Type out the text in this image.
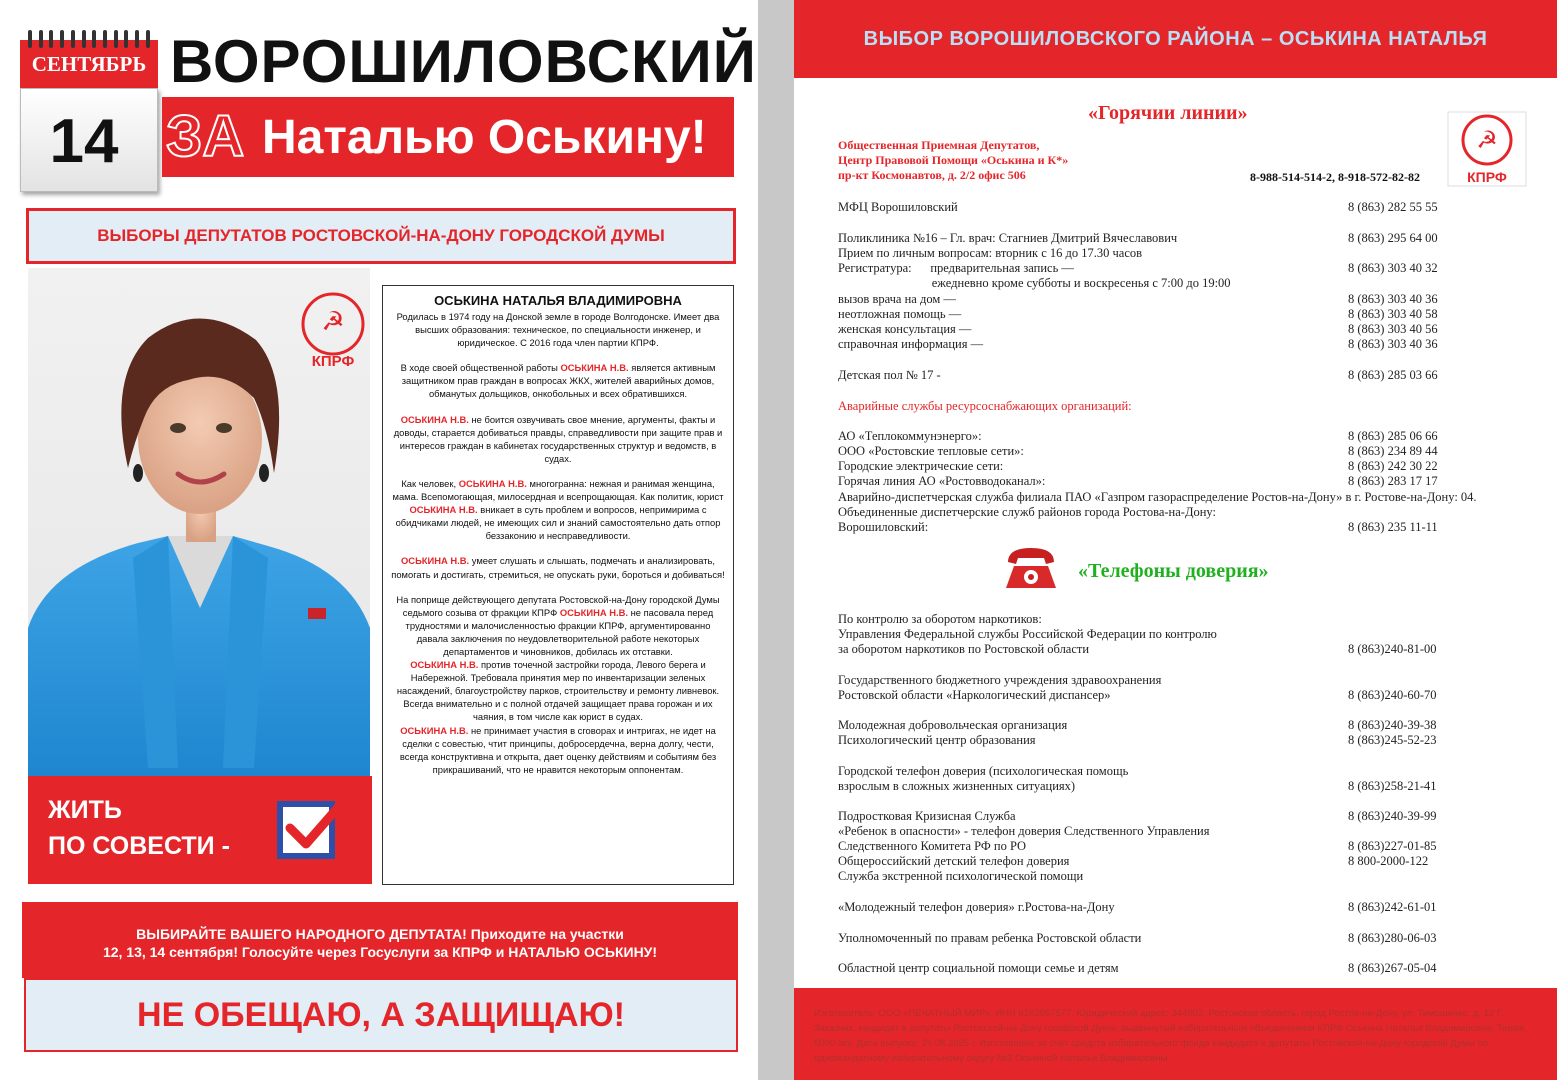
СЕНТЯБРЬ
14
ВОРОШИЛОВСКИЙ
ЗА Наталью Оськину!
ВЫБОРЫ ДЕПУТАТОВ РОСТОВСКОЙ-НА-ДОНУ ГОРОДСКОЙ ДУМЫ
☭
КПРФ
ЖИТЬ
ПО СОВЕСТИ -
ОСЬКИНА НАТАЛЬЯ ВЛАДИМИРОВНА

Родилась в 1974 году на Донской земле в городе Волгодонске. Имеет два высших образования: техническое, по специальности инженер, и юридическое. С 2016 года член партии КПРФ.

В ходе своей общественной работы ОСЬКИНА Н.В. является активным защитником прав граждан в вопросах ЖКХ, жителей аварийных домов, обманутых дольщиков, онкобольных и всех обратившихся.

ОСЬКИНА Н.В. не боится озвучивать свое мнение, аргументы, факты и доводы, старается добиваться правды, справедливости при защите прав и интересов граждан в кабинетах государственных структур и ведомств, в судах.

Как человек, ОСЬКИНА Н.В. многогранна: нежная и ранимая женщина, мама. Всепомогающая, милосердная и всепрощающая. Как политик, юрист ОСЬКИНА Н.В. вникает в суть проблем и вопросов, непримирима с обидчиками людей, не имеющих сил и знаний самостоятельно дать отпор беззаконию и несправедливости.

ОСЬКИНА Н.В. умеет слушать и слышать, подмечать и анализировать, помогать и достигать, стремиться, не опускать руки, бороться и добиваться!

На поприще действующего депутата Ростовской-на-Дону городской Думы седьмого созыва от фракции КПРФ ОСЬКИНА Н.В. не пасовала перед трудностями и малочисленностью фракции КПРФ, аргументированно давала заключения по неудовлетворительной работе некоторых департаментов и чиновников, добилась их отставки.

ОСЬКИНА Н.В. против точечной застройки города, Левого берега и Набережной. Требовала принятия мер по инвентаризации зеленых насаждений, благоустройству парков, строительству и ремонту ливневок. Всегда внимательно и с полной отдачей защищает права горожан и их чаяния, в том числе как юрист в судах.

ОСЬКИНА Н.В. не принимает участия в сговорах и интригах, не идет на сделки с совестью, чтит принципы, добросердечна, верна долгу, чести, всегда конструктивна и открыта, дает оценку действиям и событиям без прикрашиваний, что не нравится некоторым оппонентам.

ВЫБИРАЙТЕ ВАШЕГО НАРОДНОГО ДЕПУТАТА! Приходите на участки
12, 13, 14 сентября! Голосуйте через Госуслуги за КПРФ и НАТАЛЬЮ ОСЬКИНУ!
НЕ ОБЕЩАЮ, А ЗАЩИЩАЮ!
ВЫБОР ВОРОШИЛОВСКОГО РАЙОНА – ОСЬКИНА НАТАЛЬЯ
«Горячии линии»
Общественная Приемная Депутатов,
Центр Правовой Помощи «Оськина и К*»
пр-кт Космонавтов, д. 2/2 офис 506	8-988-514-514-2, 8-918-572-82-82
☭
КПРФ
МФЦ Ворошиловский	8 (863) 282 55 55
Поликлиника №16 – Гл. врач: Стагниев Дмитрий Вячеславович	8 (863) 295 64 00
Прием по личным вопросам: вторник с 16 до 17.30 часов
Регистратура:      предварительная запись —	8 (863) 303 40 32
ежедневно кроме субботы и воскресенья с 7:00 до 19:00
вызов врача на дом —	8 (863) 303 40 36
неотложная помощь —	8 (863) 303 40 58
женская консультация —	8 (863) 303 40 56
справочная информация —	8 (863) 303 40 36
Детская пол № 17 -	8 (863) 285 03 66
Аварийные службы ресурсоснабжающих организаций:
АО «Теплокоммунэнерго»:	8 (863) 285 06 66
ООО «Ростовские тепловые сети»:	8 (863) 234 89 44
Городские электрические сети:	8 (863) 242 30 22
Горячая линия АО «Ростовводоканал»:	8 (863) 283 17 17
Аварийно-диспетчерская служба филиала ПАО «Газпром газораспределение Ростов-на-Дону» в г. Ростове-на-Дону: 04.
Объединенные диспетчерские служб районов города Ростова-на-Дону:
Ворошиловский:	8 (863) 235 11-11
«Телефоны доверия»
По контролю за оборотом наркотиков:
Управления Федеральной службы Российской Федерации по контролю
за оборотом наркотиков по Ростовской области	8 (863)240-81-00
Государственного бюджетного учреждения здравоохранения
Ростовской области «Наркологический диспансер»	8 (863)240-60-70
Молодежная добровольческая организация	8 (863)240-39-38
Психологический центр образования	8 (863)245-52-23
Городской телефон доверия (психологическая помощь
взрослым в сложных жизненных ситуациях)	8 (863)258-21-41
Подростковая Кризисная Служба	8 (863)240-39-99
«Ребенок в опасности» - телефон доверия Следственного Управления
Следственного Комитета РФ по РО	8 (863)227-01-85
Общероссийский детский телефон доверия	8 800-2000-122
Служба экстренной психологической помощи
«Молодежный телефон доверия» г.Ростова-на-Дону	8 (863)242-61-01
Уполномоченный по правам ребенка Ростовской области	8 (863)280-06-03
Областной центр социальной помощи семье и детям	8 (863)267-05-04
Изготовитель: ООО «ПЕЧАТНЫЙ МИР», ИНН 6163057577. Юридический адрес: 344002, Ростовская область, город Ростов-на-Дону, ул. Тимошенко, д. 12 Г. Заказчик: кандидат в депутаты Ростовской-на-Дону городской Думы, выдвинутый избирательным объединением КПРФ Оськина Наталья Владимировна. Тираж 5000 экз. Дата выпуска: 25.08.2025 г. Изготовлено за счет средств избирательного фонда кандидата в депутаты Ростовской-на-Дону городской Думы по одномандатному избирательному округу №3 Оськиной Натальи Владимировны.
